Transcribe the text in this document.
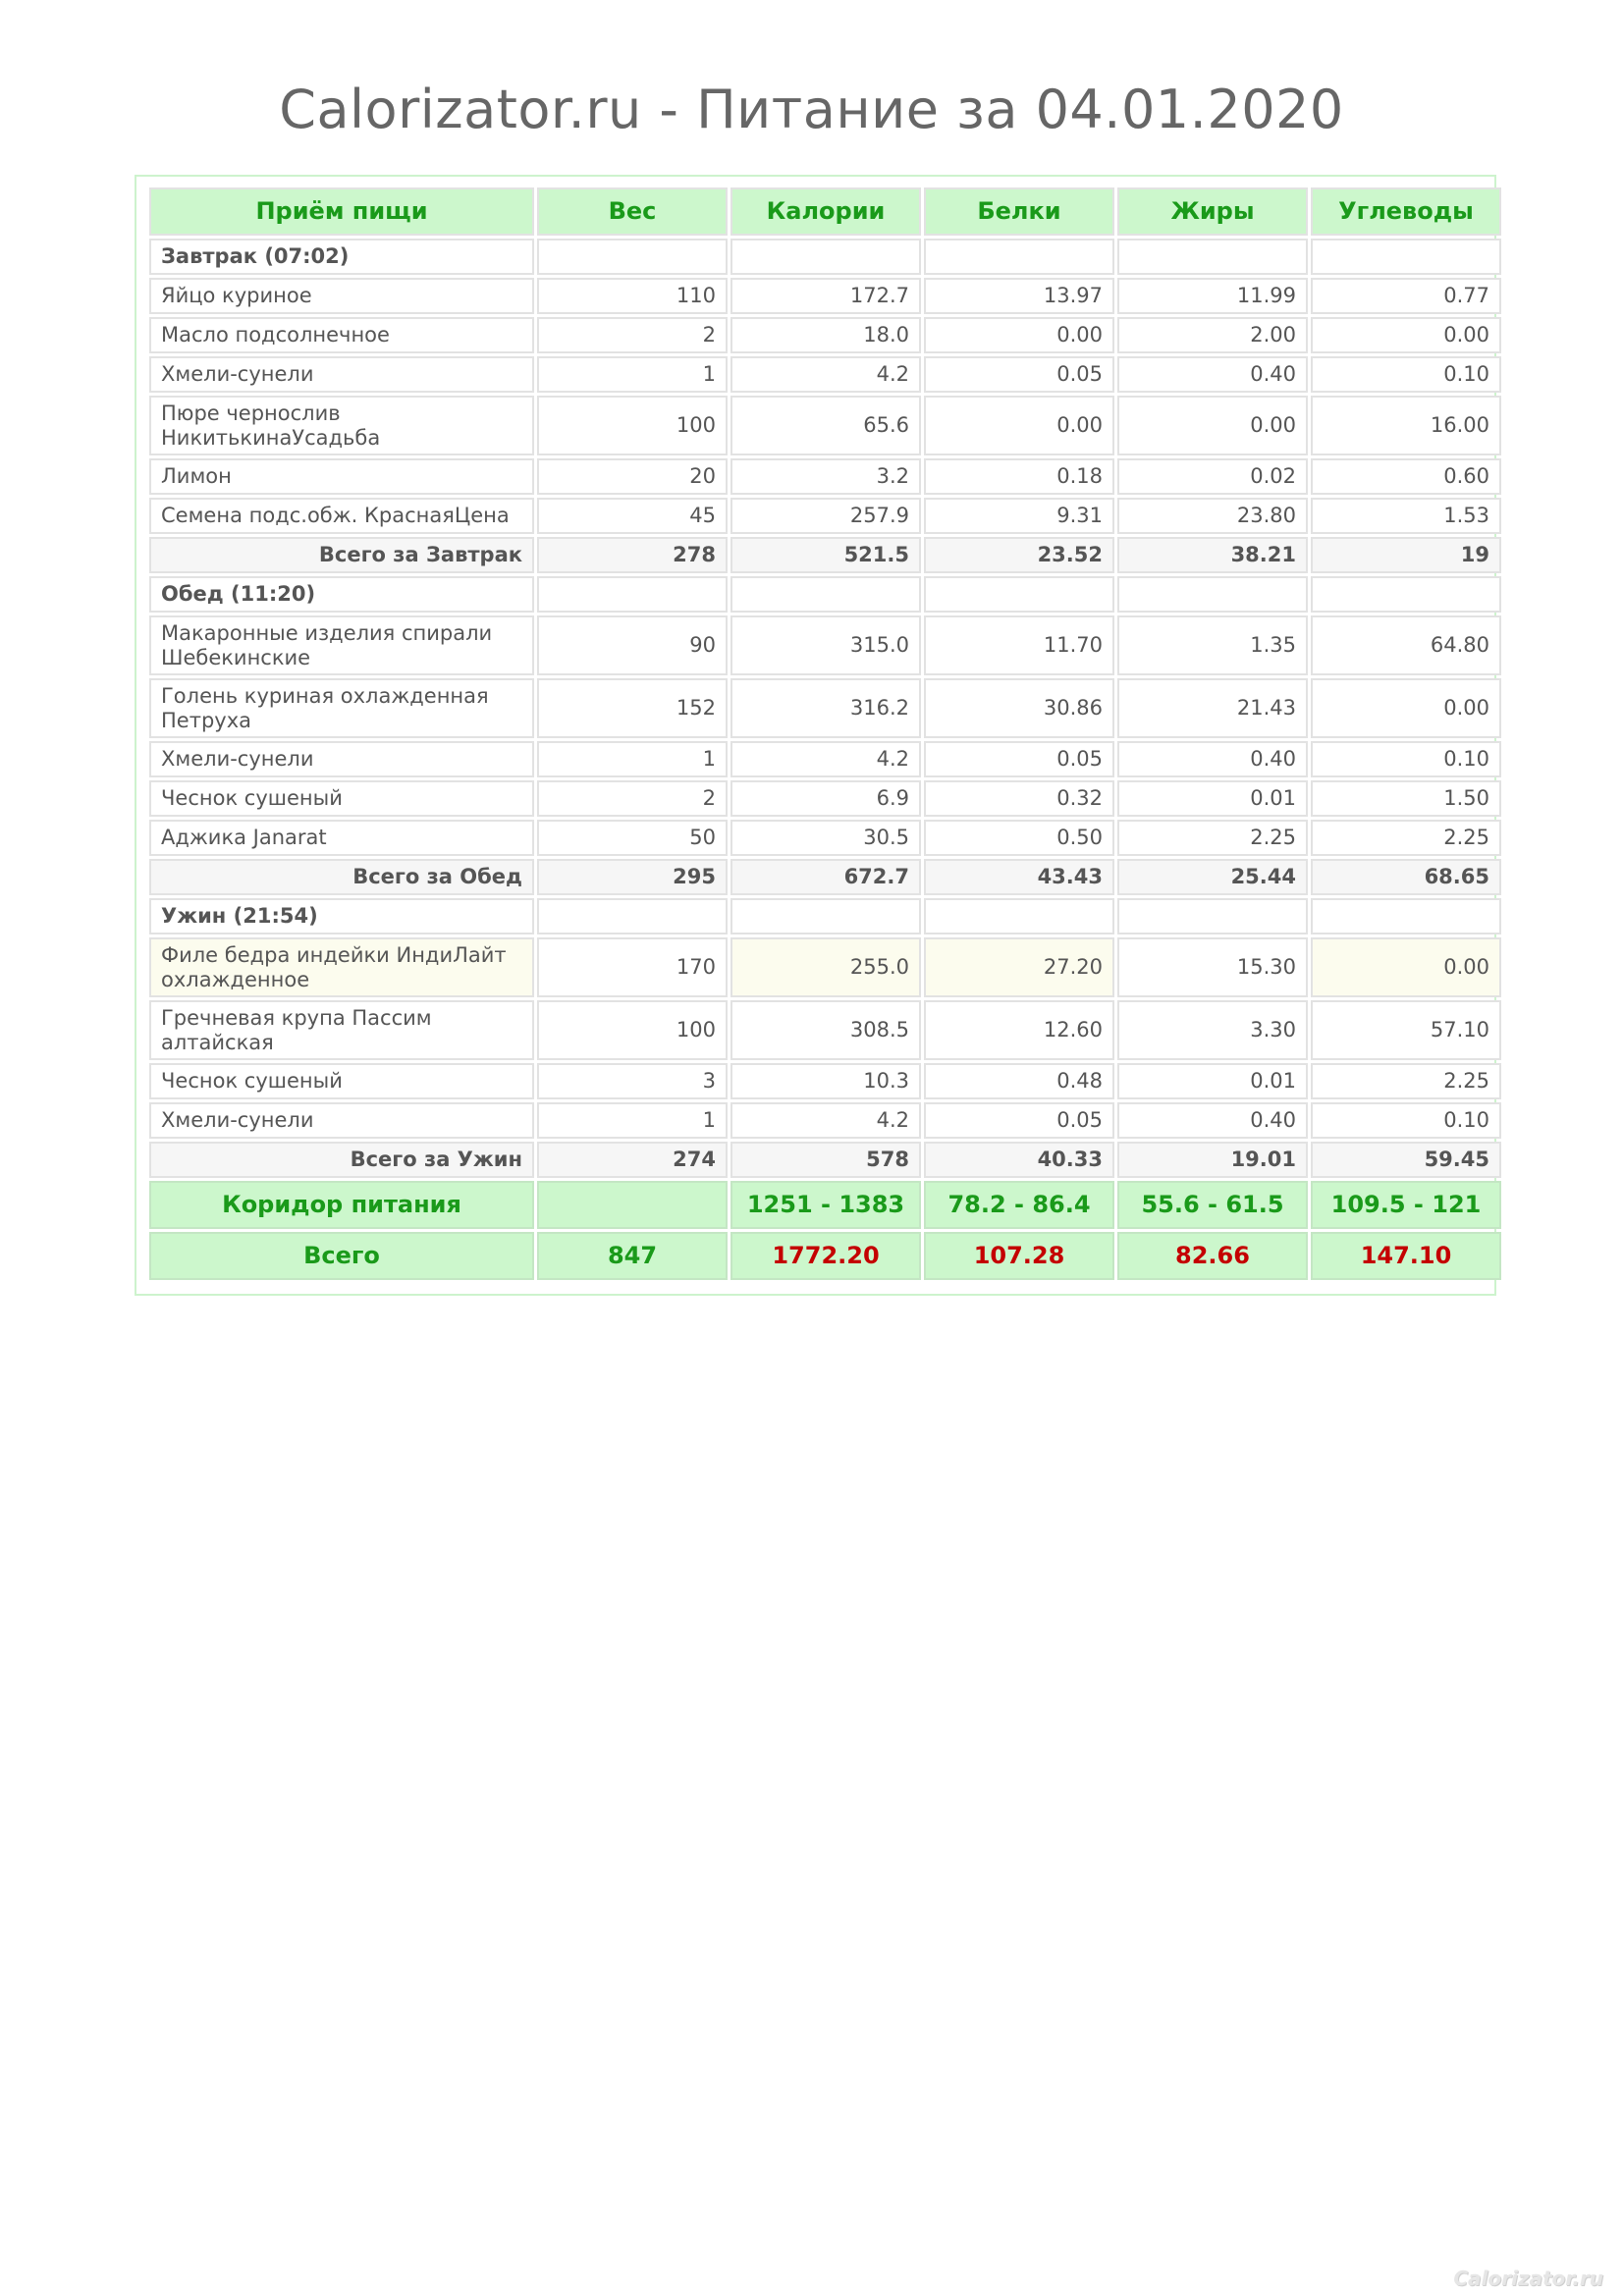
Calorizator.ru - Питание за 04.01.2020
Приём пищи	Вес	Калории	Белки	Жиры	Углеводы
Завтрак (07:02)					
Яйцо куриное	110	172.7	13.97	11.99	0.77
Масло подсолнечное	2	18.0	0.00	2.00	0.00
Хмели-сунели	1	4.2	0.05	0.40	0.10
Пюре чернослив НикитькинаУсадьба	100	65.6	0.00	0.00	16.00
Лимон	20	3.2	0.18	0.02	0.60
Семена подс.обж. КраснаяЦена	45	257.9	9.31	23.80	1.53
Всего за Завтрак	278	521.5	23.52	38.21	19
Обед (11:20)					
Макаронные изделия спирали Шебекинские	90	315.0	11.70	1.35	64.80
Голень куриная охлажденная Петруха	152	316.2	30.86	21.43	0.00
Хмели-сунели	1	4.2	0.05	0.40	0.10
Чеснок сушеный	2	6.9	0.32	0.01	1.50
Аджика Janarat	50	30.5	0.50	2.25	2.25
Всего за Обед	295	672.7	43.43	25.44	68.65
Ужин (21:54)					
Филе бедра индейки ИндиЛайт охлажденное	170	255.0	27.20	15.30	0.00
Гречневая крупа Пассим алтайская	100	308.5	12.60	3.30	57.10
Чеснок сушеный	3	10.3	0.48	0.01	2.25
Хмели-сунели	1	4.2	0.05	0.40	0.10
Всего за Ужин	274	578	40.33	19.01	59.45
Коридор питания		1251 - 1383	78.2 - 86.4	55.6 - 61.5	109.5 - 121
Всего	847	1772.20	107.28	82.66	147.10
Calorizator.ru
